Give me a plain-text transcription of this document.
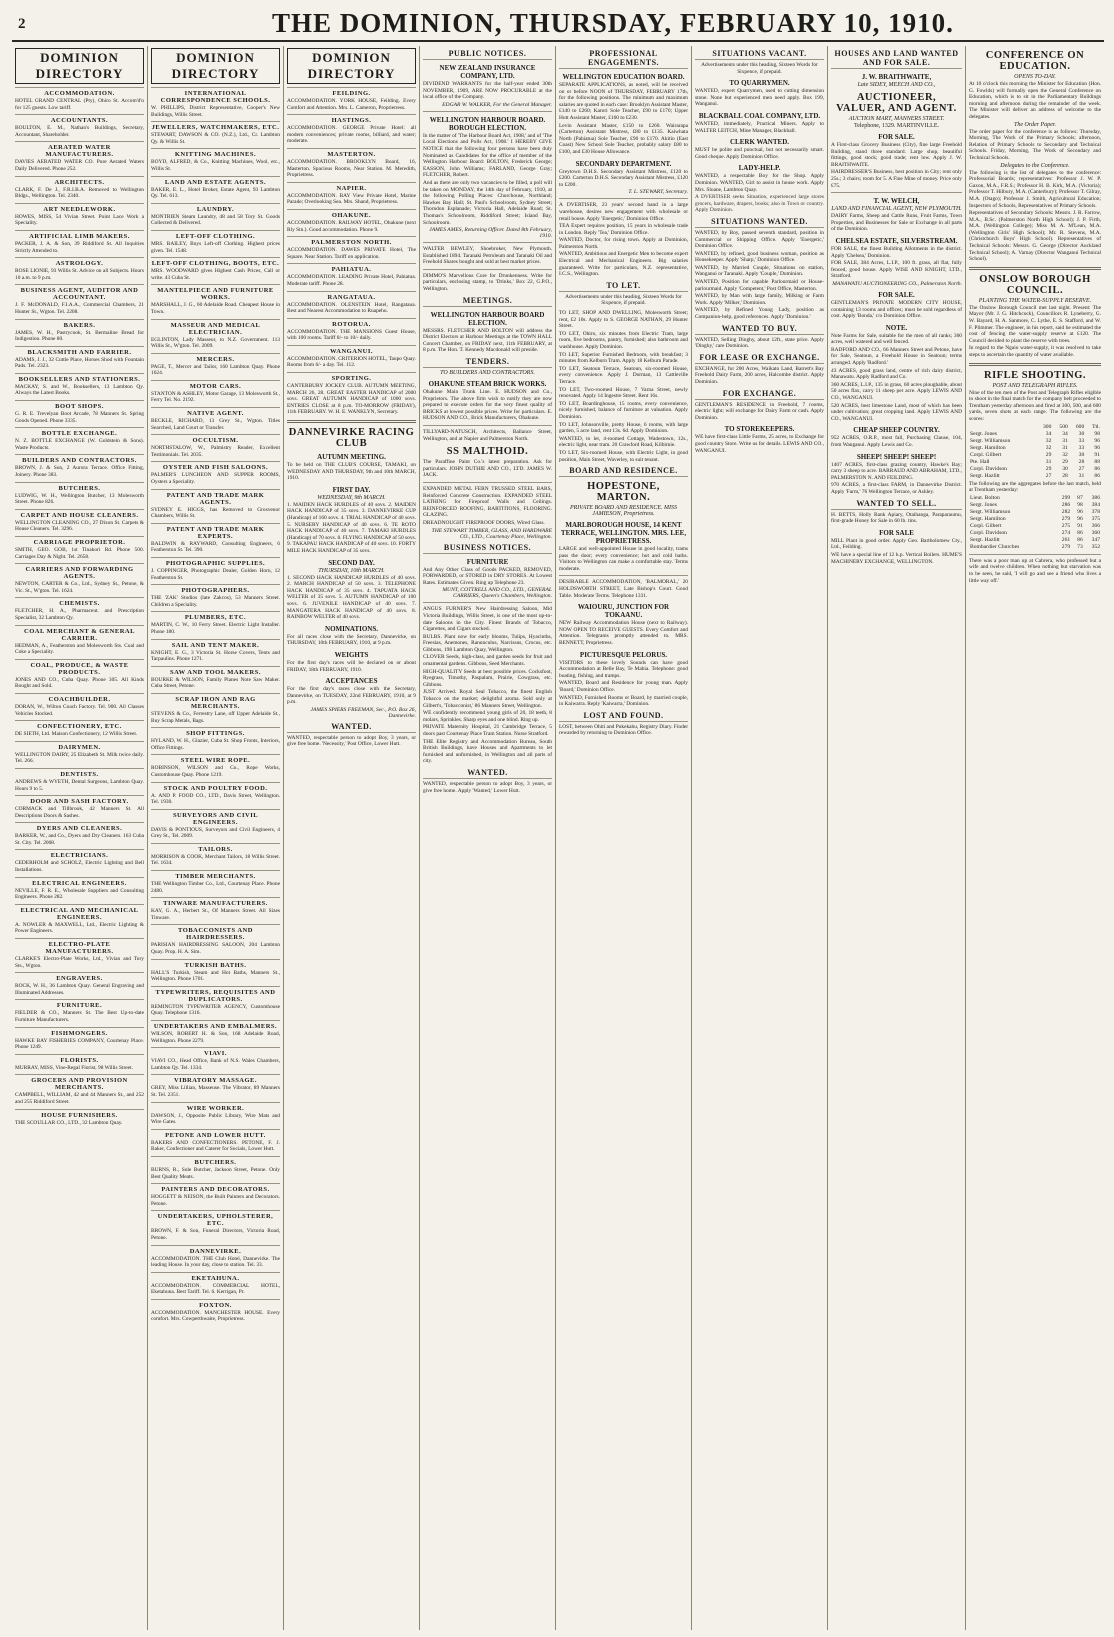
2	THE DOMINION, THURSDAY, FEBRUARY 10, 1910.
DOMINION DIRECTORY
ACCOMMODATION.
HOTEL GRAND CENTRAL (Pty), Ohiro St. Accom'd'n for 125 guests. Low tariff.
ACCOUNTANTS.
BOULTON, E. M., Nathan's Buildings, Secretary, Accountant, Shareholder.
AERATED WATER MANUFACTURERS.
DAVIES AERATED WATER CO. Pure Aerated Waters Daily Delivered. Phone 252.
ARCHITECTS.
CLARK, F. De J., F.R.I.B.A. Removed to Wellington Bldgs., Wellington. Tel. 2340.
ART NEEDLEWORK.
HOWES, MISS, 54 Vivian Street. Point Lace Work a Speciality.
ARTIFICIAL LIMB MAKERS.
PACKER, J. A. & Son, 39 Riddiford St. All Inquiries Strictly Attended to.
ASTROLOGY.
ROSE LIONIE, 93 Willis St. Advice on all Subjects. Hours 10 a.m. to 9 p.m.
BUSINESS AGENT, AUDITOR AND ACCOUNTANT.
J. F. McDONALD, F.I.A.A., Commercial Chambers, 21 Hunter St., Wgton. Tel. 2208.
BAKERS.
JAMES, W. H., Pastrycook, St. Bermaline Bread for Indigestion. Phone 80.
BLACKSMITH AND FARRIER.
ADAMS, J. J., 32 Cuttle Place, Horses Shod with Fountain Pads. Tel. 2323.
BOOKSELLERS AND STATIONERS.
MACKAY, S. and W., Booksellers, 13 Lambton Qy. Always the Latest Books.
BOOT SHOPS.
G. R. E. Trevelyan Boot Arcade, 78 Manners St. Spring Goods Opened. Phone 3335.
BOTTLE EXCHANGE.
N. Z. BOTTLE EXCHANGE (W. Goldstein & Sons). Waste Products.
BUILDERS AND CONTRACTORS.
BROWN, J. & Son, 2 Aurora Terrace. Office Fitting, Joinery. Phone 383.
BUTCHERS.
LUDWIG, W. H., Wellington Butcher, 13 Molesworth Street. Phone 826.
CARPET AND HOUSE CLEANERS.
WELLINGTON CLEANING CO., 27 Dixon St. Carpets & House Cleaners. Tel. 3296.
CARRIAGE PROPRIETOR.
SMITH, GEO. GOB, 1st Tinakori Rd. Phone 500. Carriages Day & Night. Tel. 2658.
CARRIERS AND FORWARDING AGENTS.
NEWTON, CARTER & Co., Ltd., Sydney St., Petone, & Vic. St., W'gton. Tel. 1624.
CHEMISTS.
FLETCHER, H. A., Pharmaceut. and Prescription Specialist, 32 Lambton Qy.
COAL MERCHANT & GENERAL CARRIER.
HEDMAN, A., Featherston and Molesworth Sts. Coal and Coke a Speciality.
COAL, PRODUCE, & WASTE PRODUCTS.
JONES AND CO., Cuba Quay. Phone 305. All Kinds Bought and Sold.
COACHBUILDER.
DORAN, W., Wilton Coach Factory. Tel. 900. All Classes Vehicles Stocked.
CONFECTIONERY, ETC.
DE SIETH, Ltd. Maison Confectionery, 12 Willis Street.
DAIRYMEN.
WELLINGTON DAIRY, 25 Elizabeth St. Milk twice daily. Tel. 266.
DENTISTS.
ANDREWS & WYETH, Dental Surgeons, Lambton Quay. Hours 9 to 5.
DOOR AND SASH FACTORY.
CORMACK and Tillbrook, 42 Manners St. All Descriptions Doors & Sashes.
DYERS AND CLEANERS.
BARKER, W., and Co., Dyers and Dry Cleaners. 163 Cuba St. City. Tel. 2008.
ELECTRICIANS.
CEDERHOLM and SCHOLZ, Electric Lighting and Bell Installations.
ELECTRICAL ENGINEERS.
NEVILLE, F. R. E., Wholesale Suppliers and Consulting Engineers. Phone 282.
ELECTRICAL AND MECHANICAL ENGINEERS.
A. NOWLER & MAXWELL, Ltd., Electric Lighting & Power Engineers.
ELECTRO-PLATE MANUFACTURERS.
CLARKE'S Electro-Plate Works, Ltd., Vivian and Tory Sts., Wgton.
ENGRAVERS.
ROCK, W. H., 36 Lambton Quay. General Engraving and Illuminated Addresses.
FURNITURE.
FIELDER & CO., Manners St. The Best Up-to-date Furniture Manufacturers.
FISHMONGERS.
HAWKE BAY FISHERIES COMPANY, Courtenay Place. Phone 1249.
FLORISTS.
MURRAY, MISS, Vine-Regal Florist, 98 Willis Street.
GROCERS AND PROVISION MERCHANTS.
CAMPBELL, WILLIAM, 42 and 44 Manners St., and 252 and 255 Riddiford Street.
HOUSE FURNISHERS.
THE SCOULLAR CO., LTD., 32 Lambton Quay.
DOMINION DIRECTORY
INTERNATIONAL CORRESPONDENCE SCHOOLS.
W. PHILLIPS, District Representative, Cooper's New Buildings, Willis Street.
JEWELLERS, WATCHMAKERS, ETC.
STEWART, DAWSON & CO. (N.Z.), Ltd., Cr. Lambton Qy. & Willis St.
KNITTING MACHINES.
BOYD, ALFRED, & Co., Knitting Machines, Wool, etc., Willis St.
LAND AND ESTATE AGENTS.
BAKER, E. L., Hotel Broker, Estate Agent, 93 Lambton Qy. Tel. 613.
LAUNDRY.
MONTRIEN Steam Laundry, 48 and 58 Tory St. Goods Collected & Delivered.
LEFT-OFF CLOTHING.
MRS. BAILEY, Buys Left-off Clothing. Highest prices given. Tel. 1548.
LEFT-OFF CLOTHING, BOOTS, ETC.
MRS. WOODWARD gives Highest Cash Prices, Call or write. 43 Cuba St.
MANTELPIECE AND FURNITURE WORKS.
MARSHALL, J. G., 60 Adelaide Road. Cheapest House in Town.
MASSEUR AND MEDICAL ELECTRICIAN.
EGLINTON, Lady Masseur, to N.Z. Government. 113 Willis St., W'gton. Tel. 2009.
MERCERS.
PAGE, T., Mercer and Tailor, 160 Lambton Quay. Phone 1624.
MOTOR CARS.
STANTON & ASHLEY, Motor Garage, 13 Molesworth St., Ferry Tel. No. 2192.
NATIVE AGENT.
BECKLE, RICHARD, 13 Grey St., Wgton. Titles Searched, Land Court or Transfer.
OCCULTISM.
NORTHSTALOW, W., Palmistry Reader, Excellent Testimonials. Tel. 2035.
OYSTER AND FISH SALOONS.
PALMER'S LUNCHEON AND SUPPER ROOMS, Oysters a Speciality.
PATENT AND TRADE MARK AGENTS.
SYDNEY E. HIGGS, has Removed to Grosvenor Chambers, Willis St.
PATENT AND TRADE MARK EXPERTS.
BALDWIN & RAYWARD, Consulting Engineers, 6 Featherston St. Tel. 390.
PHOTOGRAPHIC SUPPLIES.
J. COPPINGER, Photographic Dealer, Golden Horn, 12 Featherston St.
PHOTOGRAPHERS.
THE 'ZAK' Studios (late Zakcos), 53 Manners Street. Children a Speciality.
PLUMBERS, ETC.
MARTIN, C. W., 10 Ferry Street. Electric Light Installer. Phone 180.
SAIL AND TENT MAKER.
KNIGHT, E. G., 3 Victoria St. Horse Covers, Tents and Tarpaulins. Phone 1271.
SAW AND TOOL MAKERS.
BOURKE & WILSON, Family Planes Note Saw Maker. Cuba Street, Petone.
SCRAP IRON AND RAG MERCHANTS.
STEVENS & Co., Ferrestry Lane, off Upper Adelaide St., Buy Scrap Metals, Bags.
SHOP FITTINGS.
HYLAND, W. H., Glazier, Cuba St. Shop Fronts, Interiors, Office Fittings.
STEEL WIRE ROPE.
ROBINSON, WILSON and Co., Rope Works, Customhouse Quay. Phone 1219.
STOCK AND POULTRY FOOD.
A. AND P. FOOD CO., LTD., Davis Street, Wellington. Tel. 1930.
SURVEYORS AND CIVIL ENGINEERS.
DAVIS & PONTIOUS, Surveyors and Civil Engineers, 4 Grey St., Tel. 2009.
TAILORS.
MORRISON & COOK, Merchant Tailors, 18 Willis Street. Tel. 1634.
TIMBER MERCHANTS.
THE Wellington Timber Co., Ltd., Courtenay Place. Phone 2480.
TINWARE MANUFACTURERS.
KAY, G. A., Herbert St., Of Manners Street. All Sizes Tinware.
TOBACCONISTS AND HAIRDRESSERS.
PARISIAN HAIRDRESSING SALOON, 204 Lambton Quay. Prop. H. A. Sim.
TURKISH BATHS.
HALL'S Turkish, Steam and Hot Baths, Manners St., Wellington. Phone 1701.
TYPEWRITERS, REQUISITES AND DUPLICATORS.
REMINGTON TYPEWRITER AGENCY, Customhouse Quay. Telephone 1316.
UNDERTAKERS AND EMBALMERS.
WILSON, ROBERT H. & Son, 168 Adelaide Road, Wellington. Phone 2279.
VIAVI.
VIAVI CO., Head Office, Bank of N.S. Wales Chambers, Lambton Qy. Tel. 1334.
VIBRATORY MASSAGE.
GREY, Miss Lillian, Masseuse. The Vibrator, 89 Manners St. Tel. 2351.
WIRE WORKER.
DAWSON, J., Opposite Public Library, Wire Mats and Wire Gates.
PETONE AND LOWER HUTT.
BAKERS AND CONFECTIONERS. PETONE, F. J. Baker, Confectioner and Caterer for Socials, Lower Hutt.
BUTCHERS.
BURNS, R., Sole Butcher, Jackson Street, Petone. Only Best Quality Meats.
PAINTERS AND DECORATORS.
HOGGETT & NEISON, the Built Painters and Decorators. Petone.
UNDERTAKERS, UPHOLSTERER, ETC.
BROWN, F. & Son, Funeral Directors, Victoria Road, Petone.
DANNEVIRKE.
ACCOMMODATION. THE Club Hotel, Dannevirke. The leading House. In your day, close to station. Tel. 33.
EKETAHUNA.
ACCOMMODATION. COMMERCIAL HOTEL, Eketahuna. Best Tariff. Tel. 6. Kerrigan, Pr.
FOXTON.
ACCOMMODATION. MANCHESTER HOUSE. Every comfort. Mrs. Cowperthwaite, Proprietress.
DOMINION DIRECTORY
FEILDING.
ACCOMMODATION. YORK HOUSE, Feilding. Every Comfort and Attention. Mrs. L. Cameron, Proprietress.
HASTINGS.
ACCOMMODATION. GEORGE Private Hotel: all modern conveniences; private rooms, billiard, and water; moderate.
MASTERTON.
ACCOMMODATION. BROOKLYN Board, 16, Masterton. Spacious Rooms, Near Station. M. Meredith, Proprietress.
NAPIER.
ACCOMMODATION. BAY View Private Hotel, Marine Parade; Overlooking Sea. Mrs. Shand, Proprietress.
OHAKUNE.
ACCOMMODATION. RAILWAY HOTEL, Ohakune (next Rly Stn.). Good accommodation. Phone 9.
PALMERSTON NORTH.
ACCOMMODATION. DAWES PRIVATE Hotel, The Square. Near Station. Tariff on application.
PAHIATUA.
ACCOMMODATION. LEADING Private Hotel, Pahiatua. Moderate tariff. Phone 28.
RANGATAUA.
ACCOMMODATION. OLENSTEIN Hotel, Rangataua. Best and Nearest Accommodation to Ruapehu.
ROTORUA.
ACCOMMODATION. THE MANSIONS Guest House, with 100 rooms. Tariff 8/- to 10/- daily.
WANGANUI.
ACCOMMODATION. CRITERION HOTEL, Taupo Quay. Rooms from 6/- a day. Tel. 112.
SPORTING.
CANTERBURY JOCKEY CLUB. AUTUMN MEETING, MARCH 26, 28. GREAT EASTER HANDICAP of 2000 sovs. GREAT AUTUMN HANDICAP of 1000 sovs. ENTRIES CLOSE at 8 p.m. TO-MORROW (FRIDAY), 11th FEBRUARY. W. H. E. WANKLYN, Secretary.
DANNEVIRKE RACING CLUB
AUTUMN MEETING.
To be held on THE CLUB'S COURSE, TAMAKI, on WEDNESDAY AND THURSDAY, 9th and 10th MARCH, 1910.
FIRST DAY.
WEDNESDAY, 9th MARCH.
1. MAIDEN HACK HURDLES of 40 sovs. 2. MAIDEN HACK HANDICAP of 35 sovs. 3. DANNEVIRKE CUP (Handicap) of 160 sovs. 4. TRIAL HANDICAP of 40 sovs. 5. NURSERY HANDICAP of 40 sovs. 6. TE ROTO HACK HANDICAP of 40 sovs. 7. TAMAKI HURDLES (Handicap) of 70 sovs. 8. FLYING HANDICAP of 50 sovs. 9. TAKAPAU HACK HANDICAP of 40 sovs. 10. FORTY MILE HACK HANDICAP of 35 sovs.
SECOND DAY.
THURSDAY, 10th MARCH.
1. SECOND HACK HANDICAP HURDLES of 40 sovs. 2. MARCH HANDICAP of 50 sovs. 3. TELEPHONE HACK HANDICAP of 35 sovs. 4. TAPUATA HACK WELTER of 35 sovs. 5. AUTUMN HANDICAP of 100 sovs. 6. JUVENILE HANDICAP of 40 sovs. 7. MANGATERA HACK HANDICAP of 40 sovs. 8. RAINBOW WELTER of 40 sovs.
NOMINATIONS.
For all races close with the Secretary, Dannevirke, on THURSDAY, 10th FEBRUARY, 1910, at 9 p.m.
WEIGHTS
For the first day's races will be declared on or about FRIDAY, 18th FEBRUARY, 1910.
ACCEPTANCES
For the first day's races close with the Secretary, Dannevirke, on TUESDAY, 22nd FEBRUARY, 1910, at 9 p.m.
JAMES SPIERS FREEMAN, Sec., P.O. Box 26, Dannevirke.
WANTED.
WANTED, respectable person to adopt Boy, 3 years, or give free home. 'Necessity,' Post Office, Lower Hutt.
PUBLIC NOTICES.
NEW ZEALAND INSURANCE COMPANY, LTD.
DIVIDEND WARRANTS for the half-year ended 30th NOVEMBER, 1909, ARE NOW PROCURABLE at the local office of the Company.
EDGAR W. WALKER, For the General Manager.
WELLINGTON HARBOUR BOARD. BOROUGH ELECTION.
In the matter of 'The Harbour Board Act, 1908,' and of 'The Local Elections and Polls Act, 1908.' I HEREBY GIVE NOTICE that the following four persons have been duly Nominated as Candidates for the office of member of the Wellington Harbour Board: BOLTON, Frederick George; EASSON, John Williams; FARLAND, George Gray; FLETCHER, Robert.
And as there are only two vacancies to be filled, a poll will be taken on MONDAY, the 14th day of February, 1910, at the following Polling Places: Churchouse, Northland; Hawkes Bay Hall; St. Paul's Schoolroom, Sydney Street; Thorndon Esplanade; Victoria Hall, Adelaide Road; St. Thomas's Schoolroom, Riddiford Street; Island Bay, Schoolroom.
JAMES AMES, Returning Officer. Dated 8th February, 1910.
WALTER BEWLEY, Shoebroker, New Plymouth. Established 1894. Taranaki Petroleum and Taranaki Oil and Freehold Shares bought and sold at best market prices.
DIMMO'S Marvellous Cure for Drunkenness. Write for particulars, enclosing stamp, to 'Drinks,' Box 22, G.P.O., Wellington.
MEETINGS.
WELLINGTON HARBOUR BOARD ELECTION.
MESSRS. FLETCHER AND BOLTON will address the District Electors at Harbour Meetings at the TOWN HALL Concert Chamber, on FRIDAY next, 11th FEBRUARY, at 8 p.m. The Hon. T. Kennedy Macdonald will preside.
TENDERS.
TO BUILDERS AND CONTRACTORS.
OHAKUNE STEAM BRICK WORKS.
Ohakune Main Trunk Line. E. HUDSON and Co., Proprietors. The above firm wish to notify they are now prepared to execute orders for the very finest quality of BRICKS at lowest possible prices. Write for particulars. E. HUDSON AND CO., Brick Manufacturers, Ohakune.
TILLYARD-NATUSCH, Architects, Ballance Street, Wellington, and at Napier and Palmerston North.
SS MALTHOID.
The Paraffine Paint Co.'s latest preparation. Ask for particulars. JOHN DUTHIE AND CO., LTD. JAMES W. JACK.
EXPANDED METAL FERN TRUSSED STEEL BARS, Reinforced Concrete Construction. EXPANDED STEEL LATHING for Fireproof Walls and Ceilings. REINFORCED ROOFING, BARTITIONS, FLOORING. GLAZING.
DREADNOUGHT FIREPROOF DOORS, Wired Glass.
THE STEWART TIMBER, GLASS, AND HARDWARE CO., LTD., Courtenay Place, Wellington.
BUSINESS NOTICES.
FURNITURE
And Any Other Class of Goods PACKED, REMOVED, FORWARDED, or STORED in DRY STORES. At Lowest Rates. Estimates Given. Ring up Telephone 23.
MUNT, COTTRELL AND CO., LTD., GENERAL CARRIERS, Queen's Chambers, Wellington.
ANGUS FURNER'S New Hairdressing Saloon, Mid Victoria Buildings, Willis Street, is one of the most up-to-date Saloons in the City. Finest Brands of Tobacco, Cigarettes, and Cigars stocked.
BULBS. Plant now for early blooms, Tulips, Hyacinths, Freesias, Anemones, Ranunculus, Narcissus, Crocus, etc. Gibbons, 198 Lambton Quay, Wellington.
CLOVER Seeds, high-class, and garden seeds for fruit and ornamental gardens. Gibbons, Seed Merchants.
HIGH-QUALITY Seeds at best possible prices. Cocksfoot, Ryegrass, Timothy, Paspalum, Prairie, Cowgrass, etc. Gibbons.
JUST Arrived. Royal Seal Tobacco, the finest English Tobacco on the market; delightful aroma. Sold only at Gilbert's, 'Tobacconist,' 86 Manners Street, Wellington.
WE confidently recommend young girls of 20, 18 teeth, 8 molars, Sprinkles. Sharp eyes and one blind. Ring up.
PRIVATE Maternity Hospital, 21 Cambridge Terrace, 5 doors past Courtenay Place Tram Station. Nurse Stratford.
THE Elite Registry and Accommodation Bureau, South British Buildings, have Houses and Apartments to let furnished and unfurnished, in Wellington and all parts of city.
WANTED.
WANTED, respectable person to adopt Boy, 3 years, or give free home. Apply 'Wanted,' Lower Hutt.
PROFESSIONAL ENGAGEMENTS.
WELLINGTON EDUCATION BOARD.
SEPARATE APPLICATIONS, as noted, will be received on or before NOON of THURSDAY, FEBRUARY 17th, for the following positions. The minimum and maximum salaries are quoted in each case: Brooklyn Assistant Master, £140 to £260; Karori Sole Teacher, £90 to £170; Upper Hutt Assistant Master, £160 to £230.
Levin Assistant Master, £150 to £260. Wairarapa (Carterton) Assistant Mistress, £80 to £135. Kaiwhata North (Pahiatua) Sole Teacher, £90 to £170. Akitio (East Coast) New School Sole Teacher, probably salary £80 to £100, and £30 House Allowance.
SECONDARY DEPARTMENT.
Greytown D.H.S. Secondary Assistant Mistress, £120 to £200. Carterton D.H.S. Secondary Assistant Mistress, £120 to £200.
T. L. STEWART, Secretary.
A DVERTISER, 23 years' second hand in a large warehouse, desires new engagement with wholesale or retail house. Apply 'Energetic,' Dominion Office.
TEA Expert requires position, 15 years in wholesale trade in London. Reply 'Tea,' Dominion Office.
WANTED, Doctor, for rising town. Apply at Dominion, Palmerston North.
WANTED, Ambitious and Energetic Men to become expert Electrical and Mechanical Engineers. Big salaries guaranteed. Write for particulars, N.Z. representative, I.C.S., Wellington.
TO LET.
Advertisements under this heading, Sixteen Words for Sixpence, if prepaid.
TO LET, SHOP AND DWELLING, Molesworth Street; rent, £2 10s. Apply to S. GEORGE NATHAN, 29 Hunter Street.
TO LET, Ohiro, six minutes from Electric Tram, large room, five bedrooms, pantry, furnished; also bathroom and washhouse. Apply Dominion.
TO LET, Superior Furnished Bedroom, with breakfast; 3 minutes from Kelburn Tram. Apply 18 Kelburn Parade.
TO LET, Seatoun Terrace, Seatoun, six-roomed House, every convenience. Apply J. Dorman, 13 Cattleville Terrace.
TO LET, Two-roomed House, 7 Varna Street, newly renovated. Apply 14 Ingestre Street. Rent 16s.
TO LET, Boardinghouse, 15 rooms, every convenience, nicely furnished, balance of furniture at valuation. Apply Dominion.
TO LET, Johnsonville, pretty House, 6 rooms, with large garden, 5 acre land, rent 13s. 6d. Apply Dominion.
WANTED, to let, 4-roomed Cottage, Wadestown, 12s., electric light, near tram. 20 Crawford Road, Kilbirnie.
TO LET, Six-roomed House, with Electric Light, in good position, Main Street, Waverley, to suit tenant.
BOARD AND RESIDENCE.
HOPESTONE, MARTON.
PRIVATE BOARD AND RESIDENCE. MISS JAMIESON, Proprietress.
MARLBOROUGH HOUSE, 14 KENT TERRACE, WELLINGTON. MRS. LEE, PROPRIETRESS.
LARGE and well-appointed House in good locality, trams pass the door; every convenience; hot and cold baths. Visitors to Wellington can make a comfortable stay. Terms moderate.
DESIRABLE ACCOMMODATION, 'BALMORAL,' 20 HOLDSWORTH STREET, Late Bishop's Court. Good Table. Moderate Terms. Telephone 1331.
WAIOURU, JUNCTION FOR TOKAANU.
NEW Railway Accommodation House (next to Railway). NOW OPEN TO RECEIVE GUESTS. Every Comfort and Attention. Telegrams promptly attended to. MRS. BENNETT, Proprietress.
PICTURESQUE PELORUS.
VISITORS to these lovely Sounds can have good Accommodation at Belle Bay, Te Mahia. Telephone: good boating, fishing, and tramps.
WANTED, Board and Residence for young man. Apply 'Board,' Dominion Office.
WANTED, Furnished Rooms or Board, by married couple, in Kaiwarra. Reply 'Kaiwarra,' Dominion.
LOST AND FOUND.
LOST, between Ohiti and Pukekahu, Registry Diary. Finder rewarded by returning to Dominion Office.
SITUATIONS VACANT.
Advertisements under this heading, Sixteen Words for Sixpence, if prepaid.
TO QUARRYMEN.
WANTED, expert Quarrymen, used to cutting dimension stone. None but experienced men need apply. Box 199, Wanganui.
BLACKBALL COAL COMPANY, LTD.
WANTED, immediately, Practical Miners. Apply to WALTER LEITCH, Mine Manager, Blackball.
CLERK WANTED.
MUST be polite and punctual, but not necessarily smart. Good cheque. Apply Dominion Office.
LADY-HELP.
WANTED, a respectable Boy for the Shop. Apply Dominion. WANTED, Girl to assist in house work. Apply Mrs. Sloane, Lambton Quay.
A DVERTISER seeks Situation, experienced large stores grocers, hardware, drapers, books; also in Town or country. Apply Dominion.
SITUATIONS WANTED.
WANTED, by Boy, passed seventh standard, position in Commercial or Shipping Office. Apply 'Energetic,' Dominion Office.
WANTED, by refined, good business woman, position as Housekeeper. Apply 'Sharp,' Dominion Office.
WANTED, by Married Couple, Situations on station, Wanganui or Taranaki. Apply 'Couple,' Dominion.
WANTED, Position for capable Parlourmaid or House-parlourmaid. Apply 'Competent,' Post Office, Masterton.
WANTED, by Man with large family, Milking or Farm Work. Apply 'Milker,' Dominion.
WANTED, by Refined Young Lady, position as Companion-help, good references. Apply 'Dominion.'
WANTED TO BUY.
WANTED, Selling Dinghy, about 12ft., state price. Apply 'Dinghy,' care Dominion.
FOR LEASE OR EXCHANGE.
EXCHANGE, for 200 Acres, Waikato Land, Barrett's Bay Freehold Dairy Farm, 200 acres, Halcombe district. Apply Dominion.
FOR EXCHANGE.
GENTLEMAN'S RESIDENCE in Freehold, 7 rooms, electric light; will exchange for Dairy Farm or cash. Apply Dominion.
TO STOREKEEPERS.
WE have first-class Little Farms, 25 acres, to Exchange for good country Store. Write us for details. LEWIS AND CO., WANGANUI.
HOUSES AND LAND WANTED AND FOR SALE.
J. W. BRAITHWAITE,
Late SIDEY, MEECH AND CO.,
AUCTIONEER, VALUER, AND AGENT.
AUCTION MART, MANNERS STREET.
Telephone, 1329. MARTINVILLE.
FOR SALE.
A First-class Grocery Business (City), fine large Freehold Building, stand three standard. Large shop, beautiful fittings, good stock; good trade; rent low. Apply J. W. BRAITHWAITE.
HAIRDRESSER'S Business, best position in City; rent only 25s.; 3 chairs; room for 5. A Fine Mine of money. Price only £75.
T. W. WELCH,
LAND AND FINANCIAL AGENT, NEW PLYMOUTH.
DAIRY Farms, Sheep and Cattle Runs, Fruit Farms, Town Properties, and Businesses for Sale or Exchange in all parts of the Dominion.
CHELSEA ESTATE, SILVERSTREAM.
FOR SALE, the finest Building Allotments in the district. Apply 'Chelsea,' Dominion.
FOR SALE, 384 Acres, L.I.P., 100 ft. grass, all flat, fully fenced, good house. Apply WISE AND KNIGHT, LTD., Stratford.
MANAWATU AUCTIONEERING CO., Palmerston North.
FOR SALE.
GENTLEMAN'S PRIVATE MODERN CITY HOUSE, containing 13 rooms and offices; must be sold regardless of cost. Apply 'Bonda,' c/o Dominion Office.
NOTE.
Note Farms for Sale, suitable for the men of all ranks; 360 acres, well watered and well fenced.
RADFORD AND CO., 66 Manners Street and Petone, have for Sale, Seatoun, a Freehold House in Seatoun; terms arranged. Apply 'Radford.'
43 ACRES, good grass land, centre of rich dairy district, Manawatu. Apply Radford and Co.
360 ACRES, L.I.P., 135 in grass, 60 acres ploughable, about 50 acres flax, carry 11 sheep per acre. Apply LEWIS AND CO., WANGANUI.
520 ACRES, best limestone Land, most of which has been under cultivation; great cropping land. Apply LEWIS AND CO., WANGANUI.
CHEAP SHEEP COUNTRY.
952 ACRES, O.R.P., most fall, Purchasing Clause, 104, from Wanganui. Apply Lewis and Co.
SHEEP! SHEEP! SHEEP!
1407 ACRES, first-class grazing country, Hawke's Bay; carry 3 sheep to acre. BARRAUD AND ABRAHAM, LTD., PALMERSTON N. AND FEILDING.
970 ACRES, a first-class FARM, in Dannevirke District. Apply 'Farm,' 76 Wellington Terrace, or Ashley.
WANTED TO SELL.
H. BETTS, Holly Bank Apiary, Otaihanga, Paraparaumu, first-grade Honey for Sale in 60 lb. tins.
FOR SALE
MILL Plant in good order. Apply Geo. Bartholomew Cty., Ltd., Feilding.
WE have a special line of 12 h.p. Vertical Boilers. HUME'S MACHINERY EXCHANGE, WELLINGTON.
CONFERENCE ON EDUCATION.
OPENS TO-DAY.
At 10 o'clock this morning the Minister for Education (Hon. G. Fowlds) will formally open the General Conference on Education, which is to sit in the Parliamentary Buildings morning and afternoon during the remainder of the week. The Minister will deliver an address of welcome to the delegates.
The Order Paper.
The order paper for the conference is as follows: Thursday, Morning, The Work of the Primary Schools; afternoon, Relation of Primary Schools to Secondary and Technical Schools. Friday, Morning, The Work of Secondary and Technical Schools.
Delegates to the Conference.
The following is the list of delegates to the conference: Professorial Boards; representatives: Professor J. W. P. Gaxon, M.A., F.R.S.; Professor H. B. Kirk, M.A. (Victoria); Professor T. Hilbury, M.A. (Canterbury); Professor T. Gilray, M.A. (Otago); Professor J. Smith, Agricultural Education; Inspectors of Schools, Representatives of Primary Schools.
Representatives of Secondary Schools: Messrs. J. R. Farrow, M.A., B.Sc. (Palmerston North High School); J. P. Firth, M.A. (Wellington College); Miss M. A. M'Lean, M.A. (Wellington Girls' High School); Mr. R. Stevens, M.A. (Christchurch Boys' High School). Representatives of Technical Schools: Messrs. G. George (Director Auckland Technical School); A. Varnay (Director Wanganui Technical School).
ONSLOW BOROUGH COUNCIL.
PLANTING THE WATER-SUPPLY RESERVE.
The Onslow Borough Council met last night. Present: The Mayor (Mr. J. G. Hitchcock), Councillors R. Lyneberry, G. W. Bayard, H. A. Sanmore, C. Lythe, E. S. Stafford, and W. F. Plimmer. The engineer, in his report, said he estimated the cost of fencing the water-supply reserve at £120. The Council decided to plant the reserve with trees.
In regard to the Ngaio water-supply, it was resolved to take steps to ascertain the quantity of water available.
RIFLE SHOOTING.
POST AND TELEGRAPH RIFLES.
Nine of the ten men of the Post and Telegraph Rifles eligible to shoot in the final match for the company belt proceeded to Trentham yesterday afternoon and fired at 300, 500, and 600 yards, seven shots at each range. The following are the scores:
	300	500	600	Ttl.
Sergt. Jones	34	34	30	98
Sergt. Williamson	32	31	33	96
Sergt. Hamilton	32	31	33	96
Corpl. Gilbert	29	32	30	91
Pte. Hall	31	29	28	88
Corpl. Davidson	29	30	27	86
Sergt. Hazlitt	27	28	31	86
The following are the aggregates before the last match, held at Trentham yesterday:
Lieut. Bolton	299	87	386
Sergt. Jones	286	98	384
Sergt. Williamson	282	96	378
Sergt. Hamilton	279	96	375
Corpl. Gilbert	275	91	366
Corpl. Davidson	274	86	360
Sergt. Hazlitt	261	86	347
Bombardier Churches	279	73	352
There was a poor man up at Cabrera, who professed but a wife and twelve children. When nothing but starvation was to be seen, he said, 'I will go and see a friend who lives a little way off.'
